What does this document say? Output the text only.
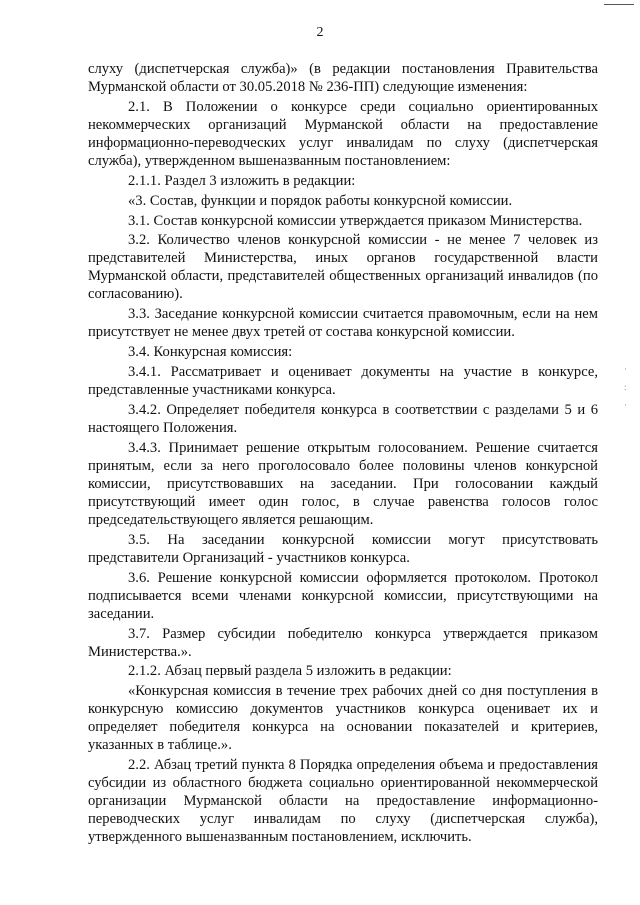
2

слуху (диспетчерская служба)» (в редакции постановления Правительства Мурманской области от 30.05.2018 № 236-ПП) следующие изменения:

2.1. В Положении о конкурсе среди социально ориентированных некоммерческих организаций Мурманской области на предоставление информационно-переводческих услуг инвалидам по слуху (диспетчерская служба), утвержденном вышеназванным постановлением:

2.1.1. Раздел 3 изложить в редакции:

«3. Состав, функции и порядок работы конкурсной комиссии.

3.1. Состав конкурсной комиссии утверждается приказом Министерства.

3.2. Количество членов конкурсной комиссии - не менее 7 человек из представителей Министерства, иных органов государственной власти Мурманской области, представителей общественных организаций инвалидов (по согласованию).

3.3. Заседание конкурсной комиссии считается правомочным, если на нем присутствует не менее двух третей от состава конкурсной комиссии.

3.4. Конкурсная комиссия:

3.4.1. Рассматривает и оценивает документы на участие в конкурсе, представленные участниками конкурса.

3.4.2. Определяет победителя конкурса в соответствии с разделами 5 и 6 настоящего Положения.

3.4.3. Принимает решение открытым голосованием. Решение считается принятым, если за него проголосовало более половины членов конкурсной комиссии, присутствовавших на заседании. При голосовании каждый присутствующий имеет один голос, в случае равенства голосов голос председательствующего является решающим.

3.5. На заседании конкурсной комиссии могут присутствовать представители Организаций - участников конкурса.

3.6. Решение конкурсной комиссии оформляется протоколом. Протокол подписывается всеми членами конкурсной комиссии, присутствующими на заседании.

3.7. Размер субсидии победителю конкурса утверждается приказом Министерства.».

2.1.2. Абзац первый раздела 5 изложить в редакции:

«Конкурсная комиссия в течение трех рабочих дней со дня поступления в конкурсную комиссию документов участников конкурса оценивает их и определяет победителя конкурса на основании показателей и критериев, указанных в таблице.».

2.2. Абзац третий пункта 8 Порядка определения объема и предоставления субсидии из областного бюджета социально ориентированной некоммерческой организации Мурманской области на предоставление информационно-переводческих услуг инвалидам по слуху (диспетчерская служба), утвержденного вышеназванным постановлением, исключить.

·
:
·
